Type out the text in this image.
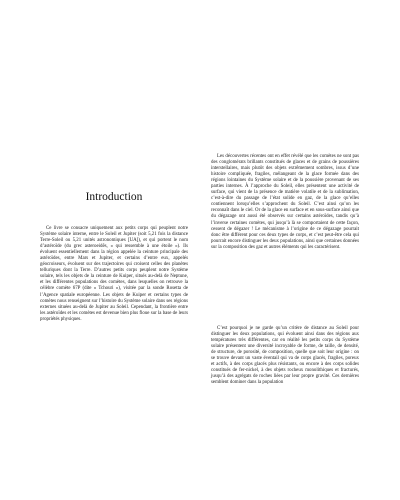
Introduction

Ce livre se consacre uniquement aux petits corps qui peuplent notre Système solaire interne, entre le Soleil et Jupiter (soit 5,21 fois la distance Terre-Soleil ou 5,21 unités astronomiques [UA]), et qui portent le nom d’astéroïde (du grec asteroeidês, « qui ressemble à une étoile »). Ils évoluent essentiellement dans la région appelée la ceinture principale des astéroïdes, entre Mars et Jupiter, et certains d’entre eux, appelés géocroiseurs, évoluent sur des trajectoires qui croisent celles des planètes telluriques dont la Terre. D’autres petits corps peuplent notre Système solaire, tels les objets de la ceinture de Kuiper, situés au-delà de Neptune, et les différentes populations des comètes, dans lesquelles on retrouve la célèbre comète 67P (dite « Tchouri »), visitée par la sonde Rosetta de l’Agence spatiale européenne. Les objets de Kuiper et certains types de comètes nous renseignent sur l’histoire du Système solaire dans ses régions externes situées au-delà de Jupiter au Soleil. Cependant, la frontière entre les astéroïdes et les comètes est devenue bien plus floue sur la base de leurs propriétés physiques.

Les découvertes récentes ont en effet révélé que les comètes ne sont pas des conglomérats brillants constitués de glaces et de grains de poussières interstellaires, mais plutôt des objets extrêmement sombres, issus d’une histoire compliquée, fragiles, mélangeant de la glace formée dans des régions lointaines du Système solaire et de la poussière provenant de ses parties internes. À l’approche du Soleil, elles présentent une activité de surface, qui vient de la présence de matière volatile et de la sublimation, c’est-à-dire du passage de l’état solide en gaz, de la glace qu’elles contiennent lorsqu’elles s’approchent du Soleil. C’est ainsi qu’on les reconnaît dans le ciel. Or de la glace en surface et en sous-surface ainsi que du dégazage ont aussi été observés sur certains astéroïdes, tandis qu’à l’inverse certaines comètes, qui jusqu’à là se comportaient de cette façon, cessent de dégazer ! Le mécanisme à l’origine de ce dégazage pourrait donc être différent pour ces deux types de corps, et c’est peut-être cela qui pourrait encore distinguer les deux populations, ainsi que certaines données sur la composition des gaz et autres éléments qui les caractérisent.

C’est pourquoi je ne garde qu’un critère de distance au Soleil pour distinguer les deux populations, qui évoluent ainsi dans des régions aux températures très différentes, car en réalité les petits corps du Système solaire présentent une diversité incroyable de forme, de taille, de densité, de structure, de porosité, de composition, quelle que soit leur origine : on se trouve devant un vaste éventail qui va de corps glacés, fragiles, poreux et actifs, à des corps glacés plus résistants, ou encore à des corps solides constitués de fer-nickel, à des objets rocheux monolithiques et fracturés, jusqu’à des agrégats de roches liées par leur propre gravité. Ces dernières semblent dominer dans la population
